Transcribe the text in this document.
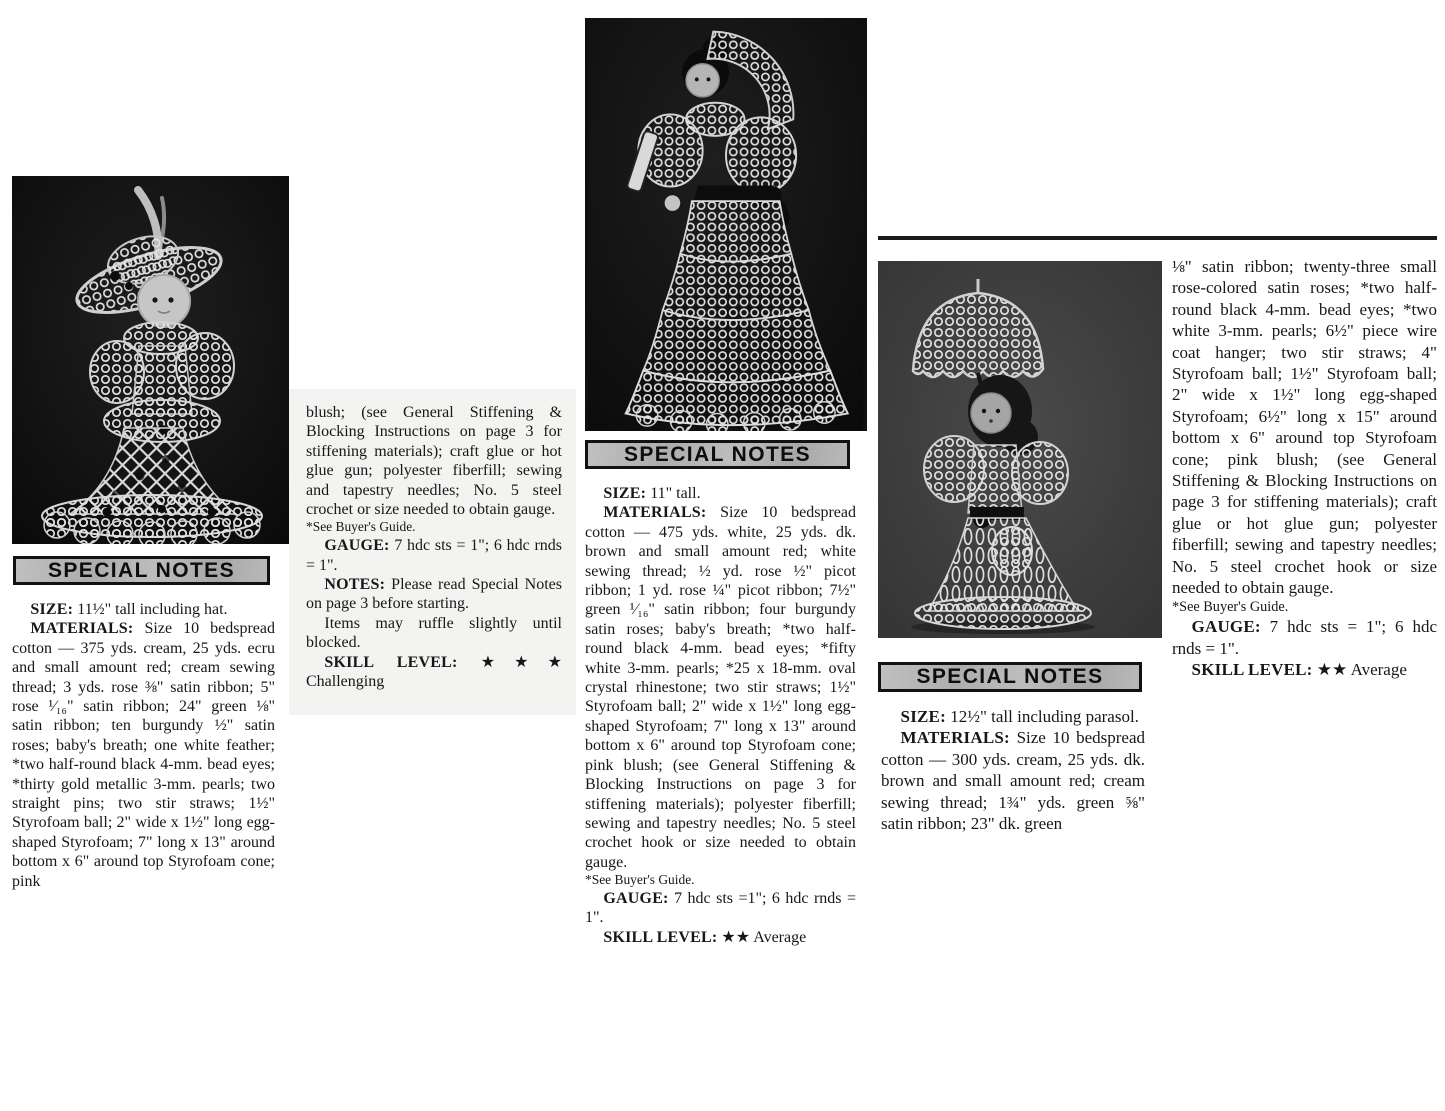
SPECIAL NOTES

SIZE: 11½" tall including hat.

MATERIALS: Size 10 bedspread cotton — 375 yds. cream, 25 yds. ecru and small amount red; cream sewing thread; 3 yds. rose ⅜" satin ribbon; 5" rose ¹⁄₁₆" satin ribbon; 24" green ⅛" satin ribbon; ten burgundy ½" satin roses; baby's breath; one white feather; *two half-round black 4-mm. bead eyes; *thirty gold metallic 3-mm. pearls; two straight pins; two stir straws; 1½" Styrofoam ball; 2" wide x 1½" long egg-shaped Styrofoam; 7" long x 13" around bottom x 6" around top Styrofoam cone; pink

blush; (see General Stiffening & Blocking Instructions on page 3 for stiffening materials); craft glue or hot glue gun; polyester fiberfill; sewing and tapestry needles; No. 5 steel crochet or size needed to obtain gauge.

*See Buyer's Guide.

GAUGE: 7 hdc sts = 1"; 6 hdc rnds = 1".

NOTES: Please read Special Notes on page 3 before starting.

Items may ruffle slightly until blocked.

SKILL LEVEL: ★★★ Challenging

SPECIAL NOTES

SIZE: 11" tall.

MATERIALS: Size 10 bedspread cotton — 475 yds. white, 25 yds. dk. brown and small amount red; white sewing thread; ½ yd. rose ½" picot ribbon; 1 yd. rose ¼" picot ribbon; 7½" green ¹⁄₁₆" satin ribbon; four burgundy satin roses; baby's breath; *two half-round black 4-mm. bead eyes; *fifty white 3-mm. pearls; *25 x 18-mm. oval crystal rhinestone; two stir straws; 1½" Styrofoam ball; 2" wide x 1½" long egg-shaped Styrofoam; 7" long x 13" around bottom x 6" around top Styrofoam cone; pink blush; (see General Stiffening & Blocking Instructions on page 3 for stiffening materials); polyester fiberfill; sewing and tapestry needles; No. 5 steel crochet hook or size needed to obtain gauge.

*See Buyer's Guide.

GAUGE: 7 hdc sts =1"; 6 hdc rnds = 1".

SKILL LEVEL: ★★ Average

SPECIAL NOTES

SIZE: 12½" tall including parasol.

MATERIALS: Size 10 bedspread cotton — 300 yds. cream, 25 yds. dk. brown and small amount red; cream sewing thread; 1¾" yds. green ⅝" satin ribbon; 23" dk. green

⅛" satin ribbon; twenty-three small rose-colored satin roses; *two half-round black 4-mm. bead eyes; *two white 3-mm. pearls; 6½" piece wire coat hanger; two stir straws; 4" Styrofoam ball; 1½" Styrofoam ball; 2" wide x 1½" long egg-shaped Styrofoam; 6½" long x 15" around bottom x 6" around top Styrofoam cone; pink blush; (see General Stiffening & Blocking Instructions on page 3 for stiffening materials); craft glue or hot glue gun; polyester fiberfill; sewing and tapestry needles; No. 5 steel crochet hook or size needed to obtain gauge.

*See Buyer's Guide.

GAUGE: 7 hdc sts = 1"; 6 hdc rnds = 1".

SKILL LEVEL: ★★ Average
